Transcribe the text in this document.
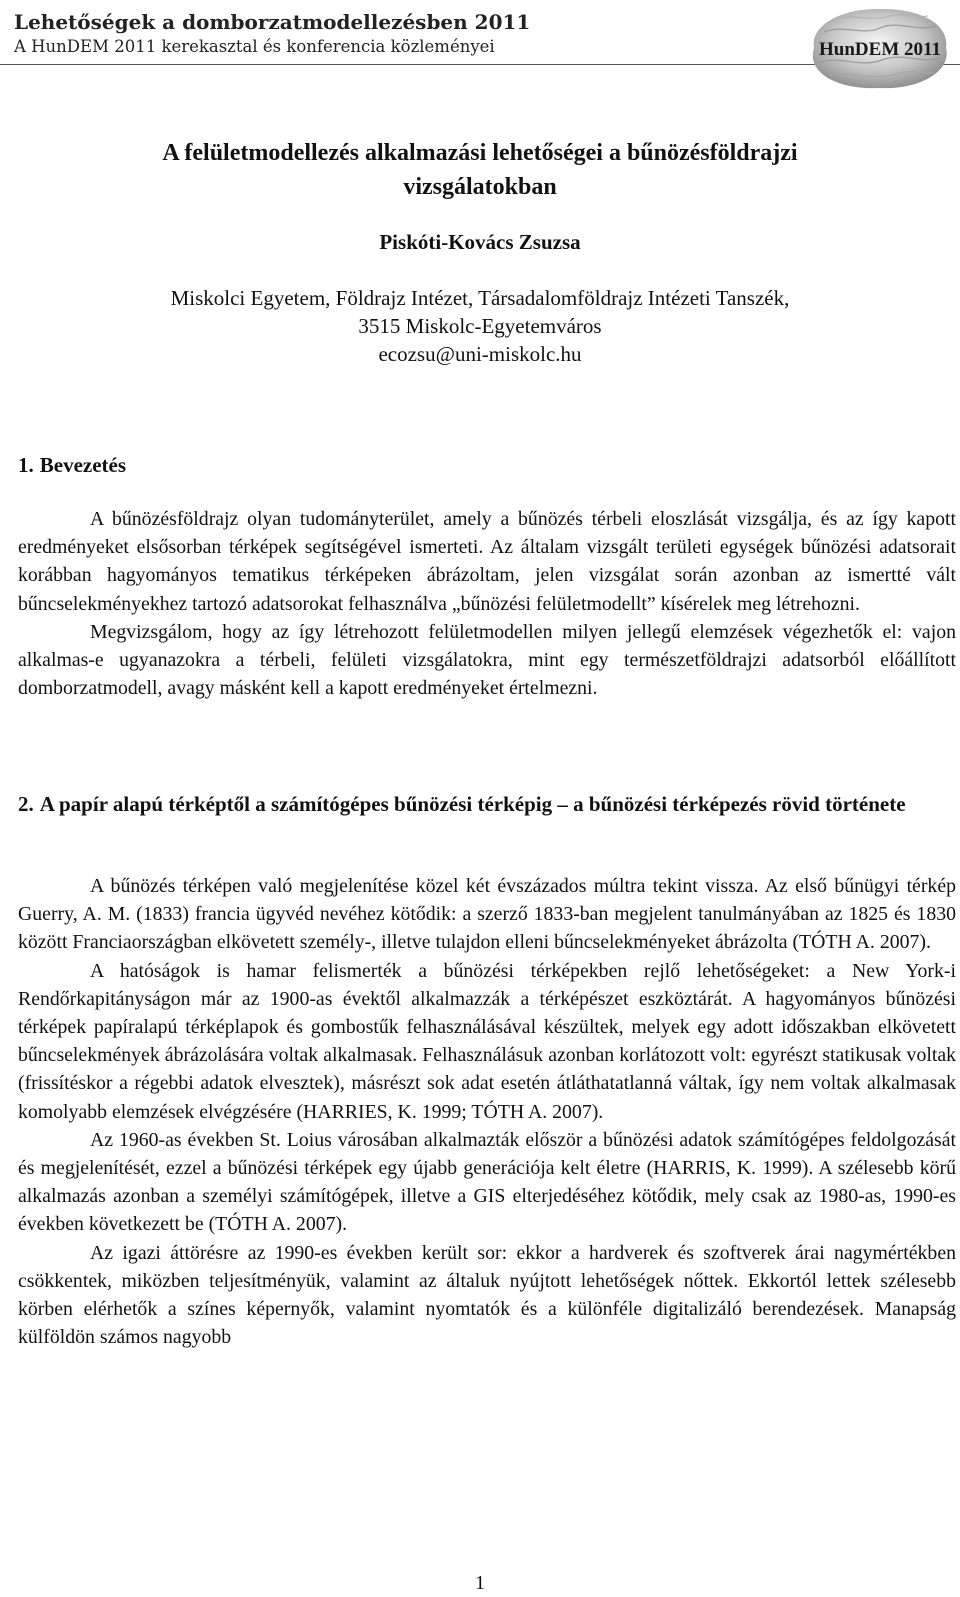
Lehetőségek a domborzatmodellezésben 2011
A HunDEM 2011 kerekasztal és konferencia közleményei	HunDEM 2011
A felületmodellezés alkalmazási lehetőségei a bűnözésföldrajzi
vizsgálatokban
Piskóti-Kovács Zsuzsa
Miskolci Egyetem, Földrajz Intézet, Társadalomföldrajz Intézeti Tanszék,
3515 Miskolc-Egyetemváros
ecozsu@uni-miskolc.hu
1. Bevezetés

A bűnözésföldrajz olyan tudományterület, amely a bűnözés térbeli eloszlását vizsgálja, és az így kapott eredményeket elsősorban térképek segítségével ismerteti. Az általam vizsgált területi egységek bűnözési adatsorait korábban hagyományos tematikus térképeken ábrázoltam, jelen vizsgálat során azonban az ismertté vált bűncselekményekhez tartozó adatsorokat felhasználva „bűnözési felületmodellt” kísérelek meg létrehozni.

Megvizsgálom, hogy az így létrehozott felületmodellen milyen jellegű elemzések végezhetők el: vajon alkalmas-e ugyanazokra a térbeli, felületi vizsgálatokra, mint egy természetföldrajzi adatsorból előállított domborzatmodell, avagy másként kell a kapott eredményeket értelmezni.

2. A papír alapú térképtől a számítógépes bűnözési térképig – a bűnözési térképezés rövid története

A bűnözés térképen való megjelenítése közel két évszázados múltra tekint vissza. Az első bűnügyi térkép Guerry, A. M. (1833) francia ügyvéd nevéhez kötődik: a szerző 1833-ban megjelent tanulmányában az 1825 és 1830 között Franciaországban elkövetett személy-, illetve tulajdon elleni bűncselekményeket ábrázolta (TÓTH A. 2007).

A hatóságok is hamar felismerték a bűnözési térképekben rejlő lehetőségeket: a New York-i Rendőrkapitányságon már az 1900-as évektől alkalmazzák a térképészet eszköztárát. A hagyományos bűnözési térképek papíralapú térképlapok és gombostűk felhasználásával készültek, melyek egy adott időszakban elkövetett bűncselekmények ábrázolására voltak alkalmasak. Felhasználásuk azonban korlátozott volt: egyrészt statikusak voltak (frissítéskor a régebbi adatok elvesztek), másrészt sok adat esetén átláthatatlanná váltak, így nem voltak alkalmasak komolyabb elemzések elvégzésére (HARRIES, K. 1999; TÓTH A. 2007).

Az 1960-as években St. Loius városában alkalmazták először a bűnözési adatok számítógépes feldolgozását és megjelenítését, ezzel a bűnözési térképek egy újabb generációja kelt életre (HARRIS, K. 1999). A szélesebb körű alkalmazás azonban a személyi számítógépek, illetve a GIS elterjedéséhez kötődik, mely csak az 1980-as, 1990-es években következett be (TÓTH A. 2007).

Az igazi áttörésre az 1990-es években került sor: ekkor a hardverek és szoftverek árai nagymértékben csökkentek, miközben teljesítményük, valamint az általuk nyújtott lehetőségek nőttek. Ekkortól lettek szélesebb körben elérhetők a színes képernyők, valamint nyomtatók és a különféle digitalizáló berendezések. Manapság külföldön számos nagyobb

1
